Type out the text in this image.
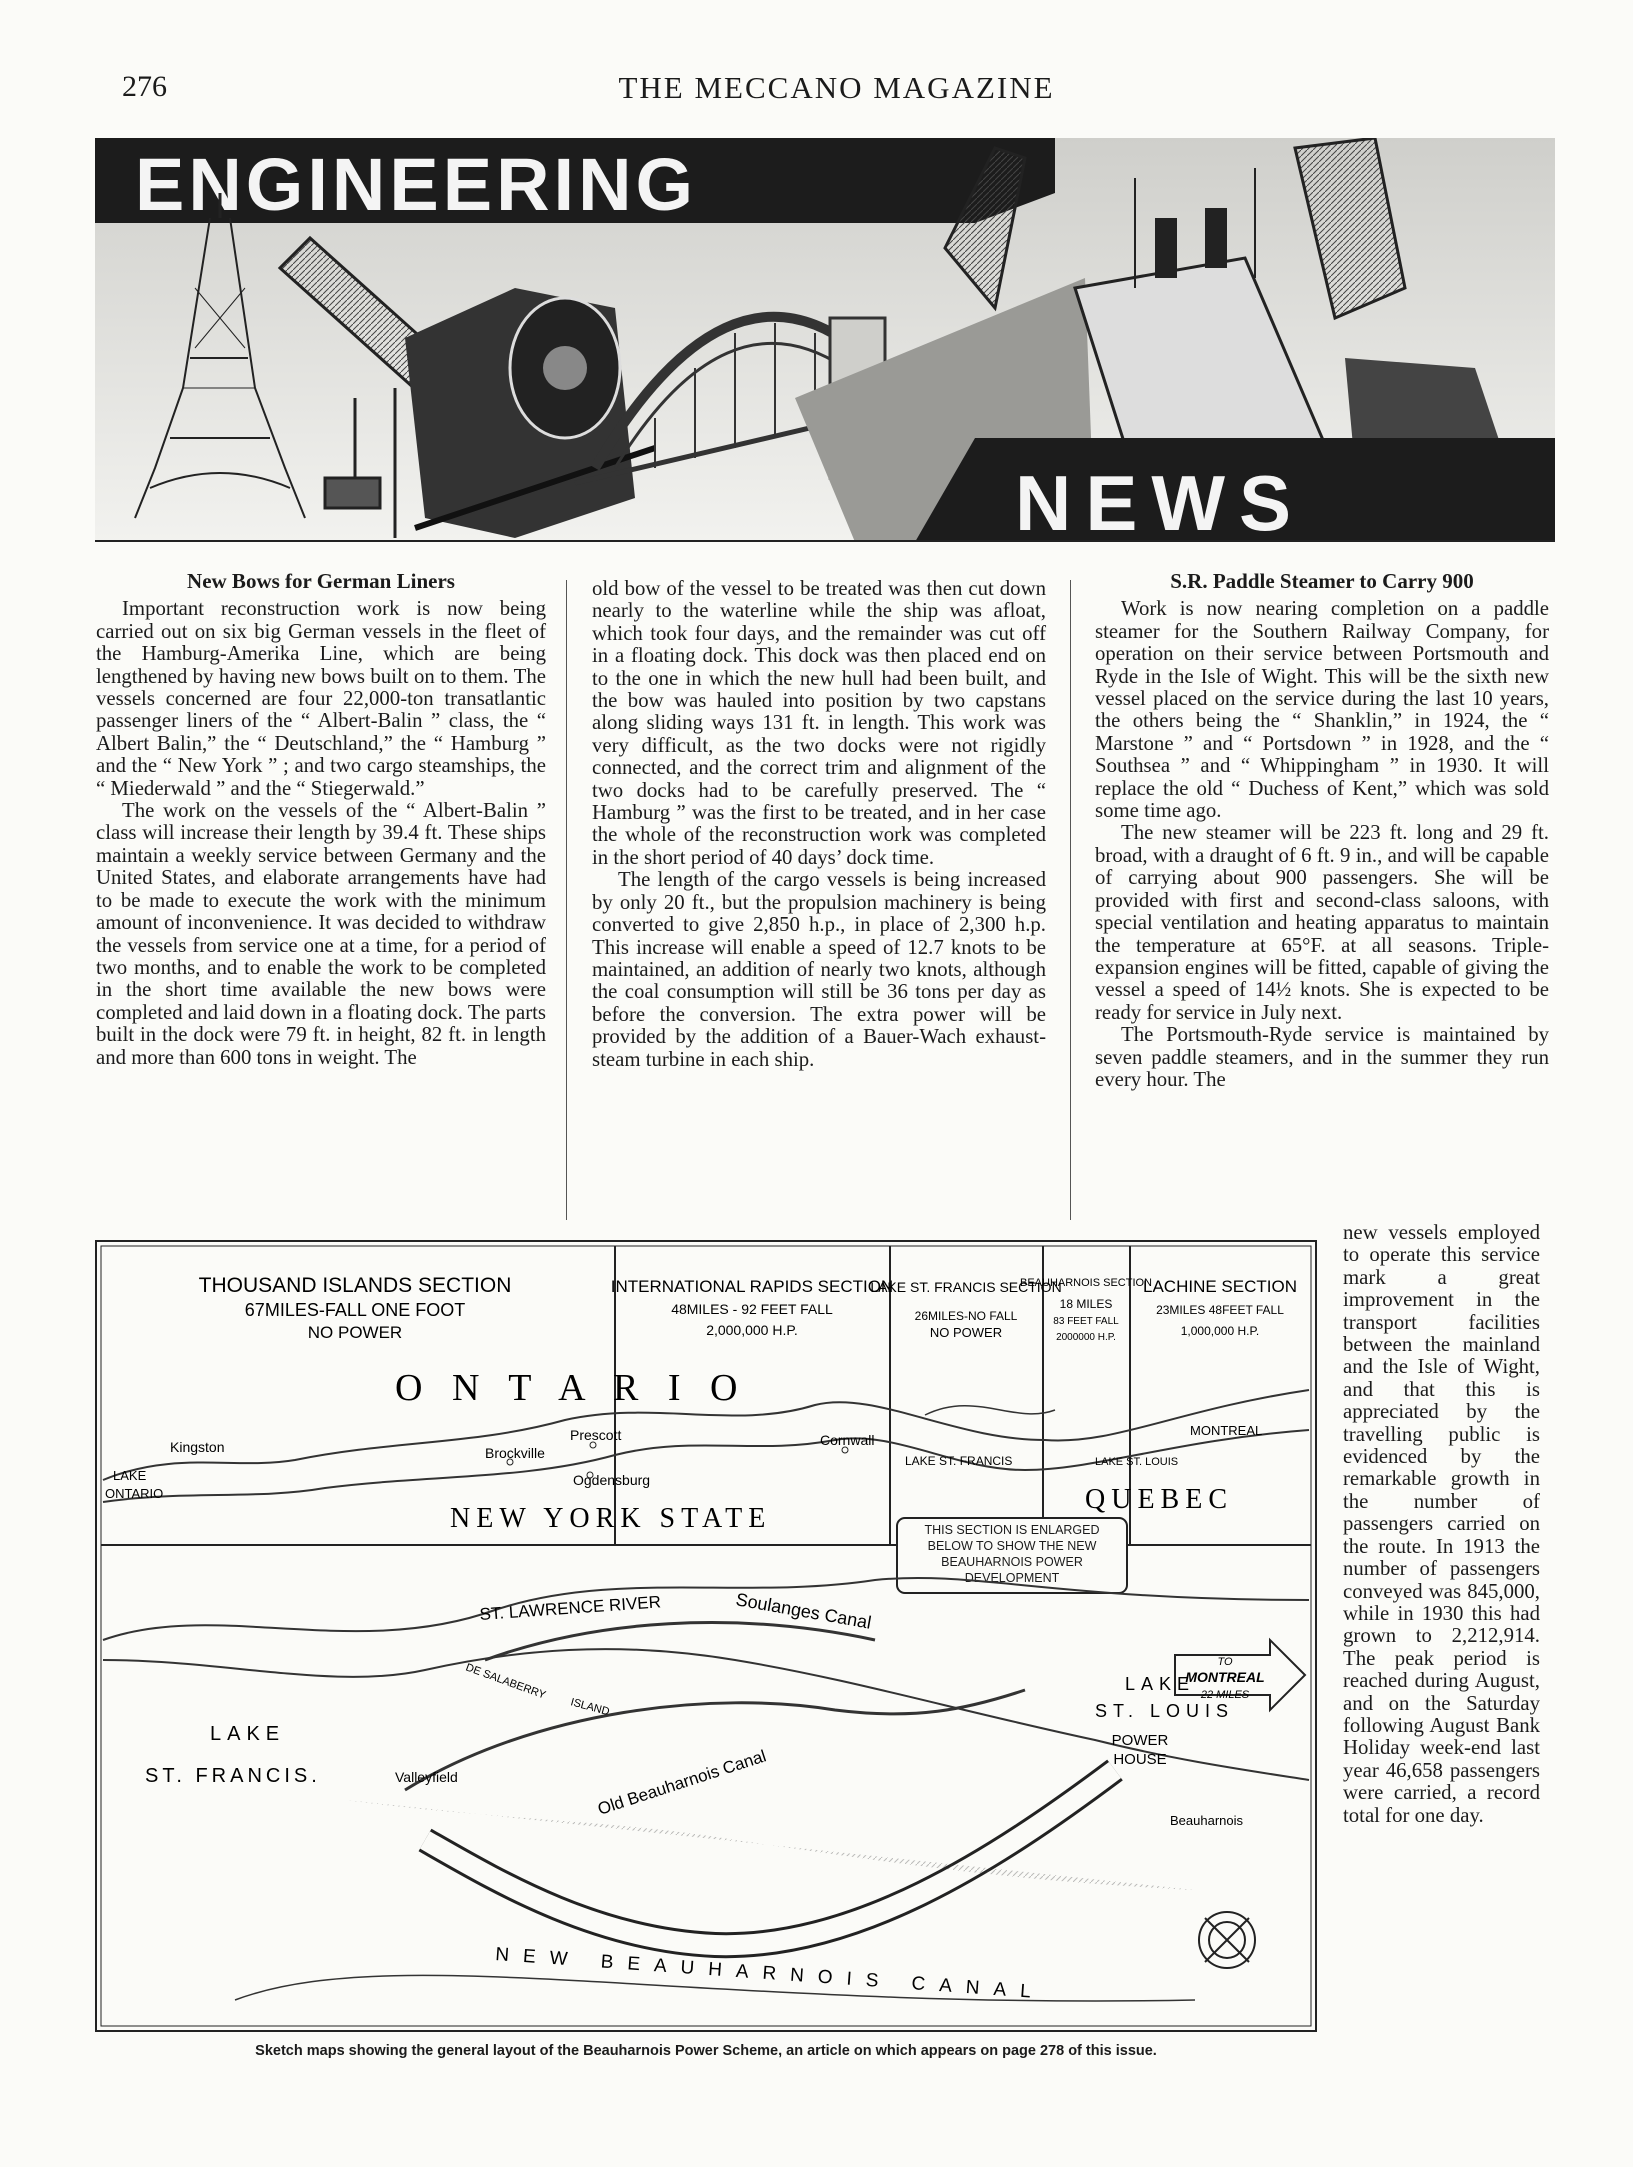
276	THE MECCANO MAGAZINE
ENGINEERING
NEWS
New Bows for German Liners

Important reconstruction work is now being carried out on six big German vessels in the fleet of the Hamburg-Amerika Line, which are being lengthened by having new bows built on to them. The vessels concerned are four 22,000-ton transatlantic passenger liners of the “ Albert-Balin ” class, the “ Albert Balin,” the “ Deutschland,” the “ Hamburg ” and the “ New York ” ; and two cargo steamships, the “ Miederwald ” and the “ Stiegerwald.”

The work on the vessels of the “ Albert-Balin ” class will increase their length by 39.4 ft. These ships maintain a weekly service between Germany and the United States, and elaborate arrangements have had to be made to execute the work with the minimum amount of inconvenience. It was decided to withdraw the vessels from service one at a time, for a period of two months, and to enable the work to be completed in the short time available the new bows were completed and laid down in a floating dock. The parts built in the dock were 79 ft. in height, 82 ft. in length and more than 600 tons in weight. The

old bow of the vessel to be treated was then cut down nearly to the waterline while the ship was afloat, which took four days, and the remainder was cut off in a floating dock. This dock was then placed end on to the one in which the new hull had been built, and the bow was hauled into position by two capstans along sliding ways 131 ft. in length. This work was very difficult, as the two docks were not rigidly connected, and the correct trim and alignment of the two docks had to be carefully preserved. The “ Hamburg ” was the first to be treated, and in her case the whole of the reconstruction work was completed in the short period of 40 days’ dock time.

The length of the cargo vessels is being increased by only 20 ft., but the propulsion machinery is being converted to give 2,850 h.p., in place of 2,300 h.p. This increase will enable a speed of 12.7 knots to be maintained, an addition of nearly two knots, although the coal consumption will still be 36 tons per day as before the conversion. The extra power will be provided by the addition of a Bauer-Wach exhaust-steam turbine in each ship.

S.R. Paddle Steamer to Carry 900

Work is now nearing completion on a paddle steamer for the Southern Railway Company, for operation on their service between Portsmouth and Ryde in the Isle of Wight. This will be the sixth new vessel placed on the service during the last 10 years, the others being the “ Shanklin,” in 1924, the “ Marstone ” and “ Portsdown ” in 1928, and the “ Southsea ” and “ Whippingham ” in 1930. It will replace the old “ Duchess of Kent,” which was sold some time ago.

The new steamer will be 223 ft. long and 29 ft. broad, with a draught of 6 ft. 9 in., and will be capable of carrying about 900 passengers. She will be provided with first and second-class saloons, with special ventilation and heating apparatus to maintain the temperature at 65°F. at all seasons. Triple-expansion engines will be fitted, capable of giving the vessel a speed of 14½ knots. She is expected to be ready for service in July next.

The Portsmouth-Ryde service is maintained by seven paddle steamers, and in the summer they run every hour. The

new vessels employed to operate this service mark a great improvement in the transport facilities between the mainland and the Isle of Wight, and that this is appreciated by the travelling public is evidenced by the remarkable growth in the number of passengers carried on the route. In 1913 the number of passengers conveyed was 845,000, while in 1930 this had grown to 2,212,914. The peak period is reached during August, and on the Saturday following August Bank Holiday week-end last year 46,658 passengers were carried, a record total for one day.

THOUSAND ISLANDS SECTION
67MILES-FALL ONE FOOT
NO POWER
INTERNATIONAL RAPIDS SECTION
48MILES - 92 FEET FALL
2,000,000 H.P.
LAKE ST. FRANCIS SECTION
26MILES-NO FALL
NO POWER
BEAUHARNOIS SECTION
18 MILES
83 FEET FALL
2000000 H.P.
LACHINE SECTION
23MILES 48FEET FALL
1,000,000 H.P.
O N T A R I O
NEW YORK STATE
QUEBEC
Kingston
LAKE
ONTARIO
Brockville
Prescott
Ogdensburg
Cornwall
LAKE ST. FRANCIS	LAKE ST. LOUIS
MONTREAL
THIS SECTION IS ENLARGED BELOW TO SHOW THE NEW BEAUHARNOIS POWER DEVELOPMENT
TO
MONTREAL
22 MILES
ST. LAWRENCE RIVER	Soulanges Canal
DE SALABERRY
ISLAND
LAKE
ST. FRANCIS.	Valleyfield	Old Beauharnois Canal
LAKE
ST. LOUIS
POWER
HOUSE
Beauharnois
NEW BEAUHARNOIS CANAL
Sketch maps showing the general layout of the Beauharnois Power Scheme, an article on which appears on page 278 of this issue.
